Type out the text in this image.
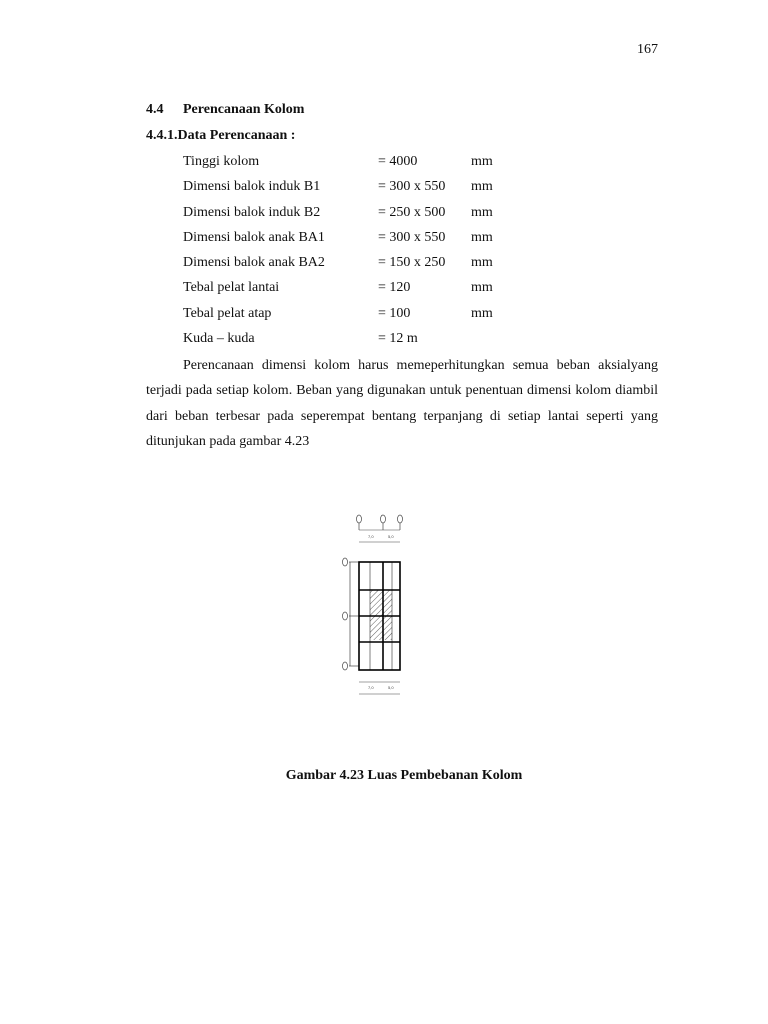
167
4.4 Perencanaan Kolom
4.4.1.Data Perencanaan :
Tinggi kolom	= 4000	mm
Dimensi balok induk B1	= 300 x 550 mm
Dimensi balok induk B2	= 250 x 500 mm
Dimensi balok anak BA1	= 300 x 550 mm
Dimensi balok anak BA2	= 150 x 250 mm
Tebal pelat lantai	= 120	mm
Tebal pelat atap	= 100	mm
Kuda – kuda	= 12 m

Perencanaan dimensi kolom harus memeperhitungkan semua beban aksialyang terjadi pada setiap kolom. Beban yang digunakan untuk penentuan dimensi kolom diambil dari beban terbesar pada seperempat bentang terpanjang di setiap lantai seperti yang ditunjukan pada gambar 4.23

7,0	5,0
7,0	5,0
Gambar 4.23 Luas Pembebanan Kolom
